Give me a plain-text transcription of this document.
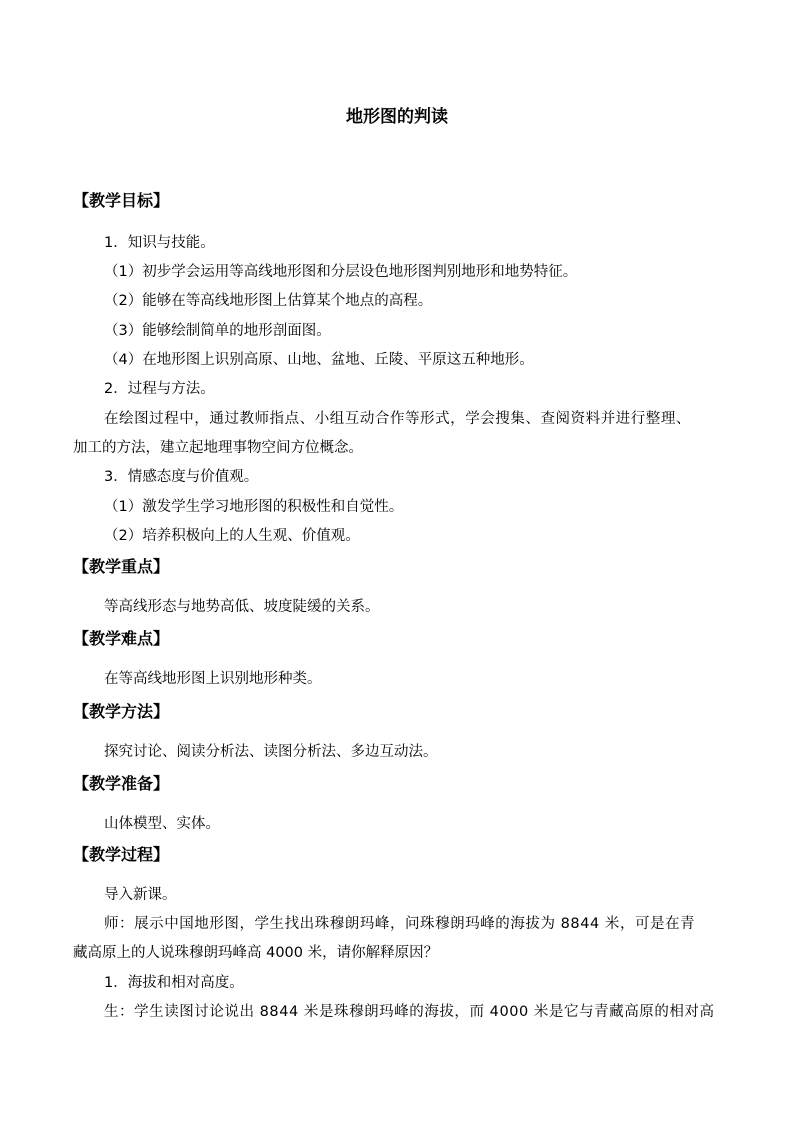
地形图的判读
【教学目标】
1．知识与技能。
（1）初步学会运用等高线地形图和分层设色地形图判别地形和地势特征。
（2）能够在等高线地形图上估算某个地点的高程。
（3）能够绘制简单的地形剖面图。
（4）在地形图上识别高原、山地、盆地、丘陵、平原这五种地形。
2．过程与方法。
在绘图过程中，通过教师指点、小组互动合作等形式，学会搜集、查阅资料并进行整理、
加工的方法，建立起地理事物空间方位概念。
3．情感态度与价值观。
（1）激发学生学习地形图的积极性和自觉性。
（2）培养积极向上的人生观、价值观。
【教学重点】
等高线形态与地势高低、坡度陡缓的关系。
【教学难点】
在等高线地形图上识别地形种类。
【教学方法】
探究讨论、阅读分析法、读图分析法、多边互动法。
【教学准备】
山体模型、实体。
【教学过程】
导入新课。
师：展示中国地形图，学生找出珠穆朗玛峰，问珠穆朗玛峰的海拔为 8844 米，可是在青
藏高原上的人说珠穆朗玛峰高 4000 米，请你解释原因？
1．海拔和相对高度。
生：学生读图讨论说出 8844 米是珠穆朗玛峰的海拔，而 4000 米是它与青藏高原的相对高
